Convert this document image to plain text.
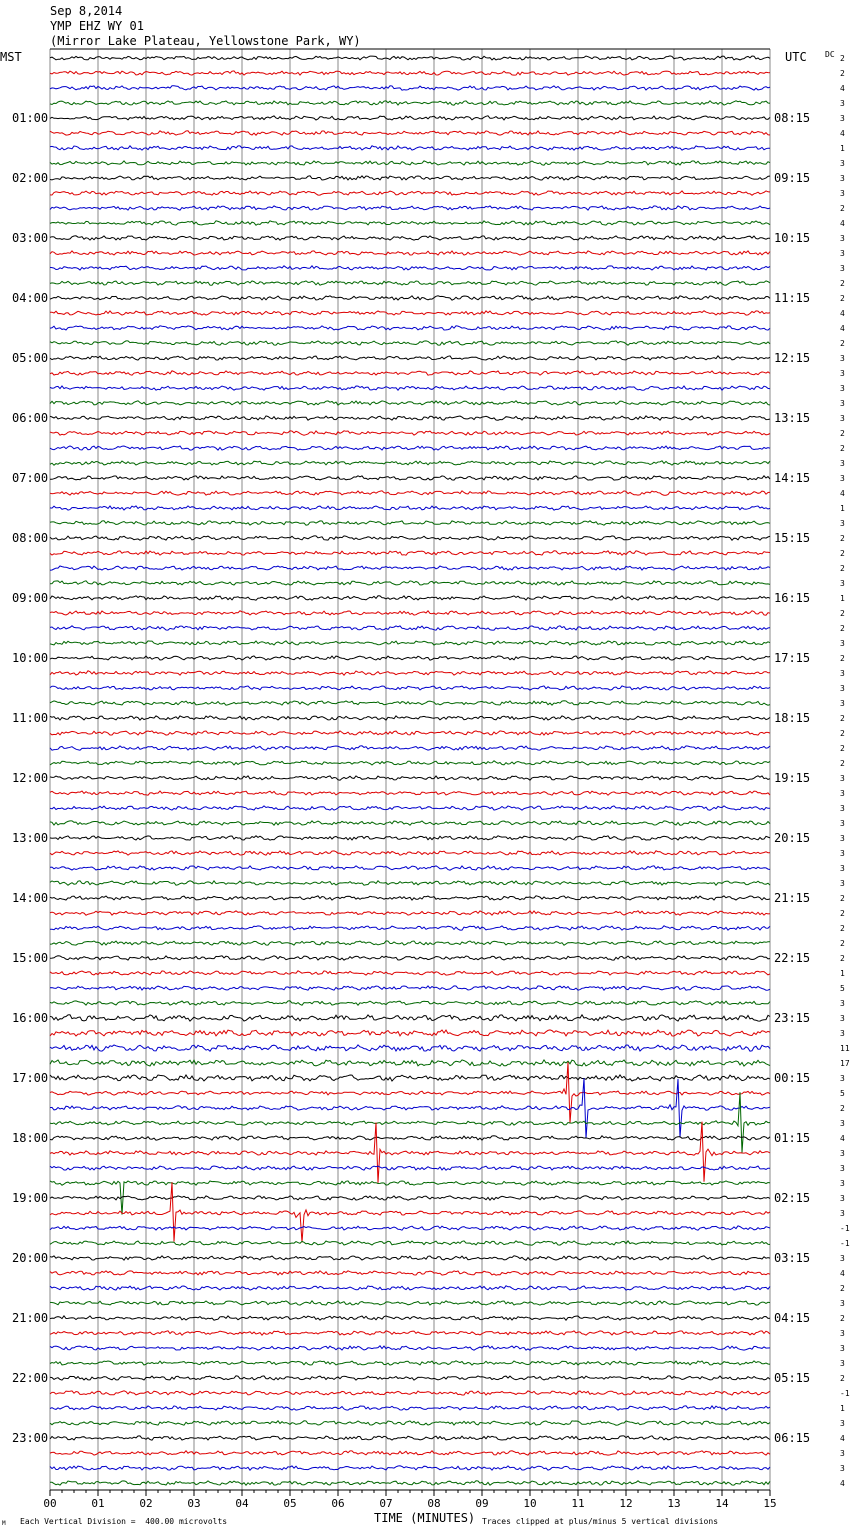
Sep 8,2014
YMP EHZ WY 01
(Mirror Lake Plateau, Yellowstone Park, WY)
MST	UTC DC
01:00
02:00
03:00
04:00
05:00
06:00
07:00
08:00
09:00
10:00
11:00
12:00
13:00
14:00
15:00
16:00
17:00
18:00
19:00
20:00
21:00
22:00
23:00
08:15
09:15
10:15
11:15
12:15
13:15
14:15
15:15
16:15
17:15
18:15
19:15
20:15
21:15
22:15
23:15
00:15
01:15
02:15
03:15
04:15
05:15
06:15
00	01	02	03	04	05	06	07	08	09	10	11	12	13	14	15
2
2
4
3
3
4
1
3
3
3
2
4
3
3
3
2
2
4
4
2
3
3
3
3
3
2
2
3
3
4
1
3
2
2
2
3
1
2
2
3
2
3
3
3
2
2
2
2
3
3
3
3
3
3
3
3
2
2
2
2
2
1
5
3
3
3
11
17
3
5
2
3
4
3
3
3
3
3
-1
-1
3
4
2
3
2
3
3
3
2
-1
1
3
4
3
3
4
TIME (MINUTES)
Each Vertical Division =  400.00 microvolts	Traces clipped at plus/minus 5 vertical divisions
M
